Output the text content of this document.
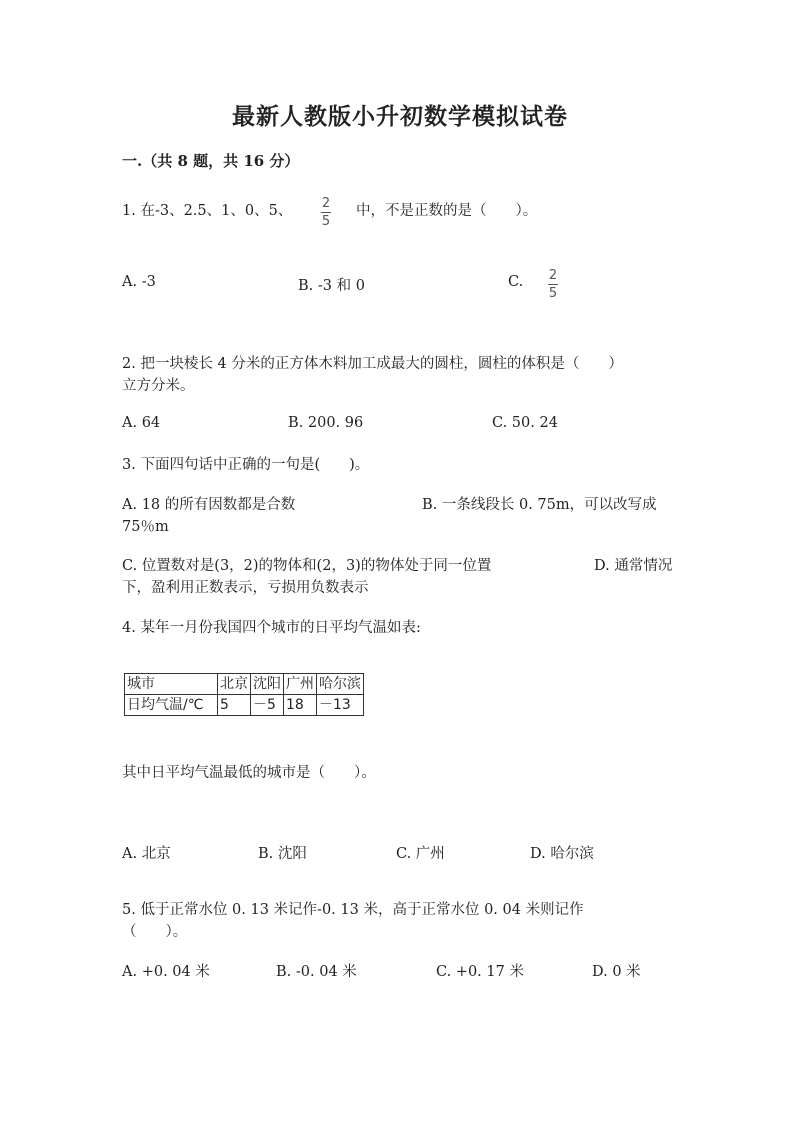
最新人教版小升初数学模拟试卷
一.（共 8 题，共 16 分）
1. 在-3、2.5、1、0、5、 2
5
中，不是正数的是（　　）。
A. -3	B. -3 和 0	C. 2
5
2. 把一块棱长 4 分米的正方体木料加工成最大的圆柱，圆柱的体积是（　　）
立方分米。
A. 64	B. 200. 96	C. 50. 24
3. 下面四句话中正确的一句是(　　)。
A. 18 的所有因数都是合数	B. 一条线段长 0. 75m，可以改写成
75％m
C. 位置数对是(3，2)的物体和(2，3)的物体处于同一位置	D. 通常情况
下，盈利用正数表示，亏损用负数表示
4. 某年一月份我国四个城市的日平均气温如表:
城市	北京	沈阳	广州	哈尔滨
日均气温/℃	5	－5	18	－13
其中日平均气温最低的城市是（　　）。
A. 北京	B. 沈阳	C. 广州	D. 哈尔滨
5. 低于正常水位 0. 13 米记作-0. 13 米，高于正常水位 0. 04 米则记作
（　　）。
A. +0. 04 米	B. -0. 04 米	C. +0. 17 米	D. 0 米
